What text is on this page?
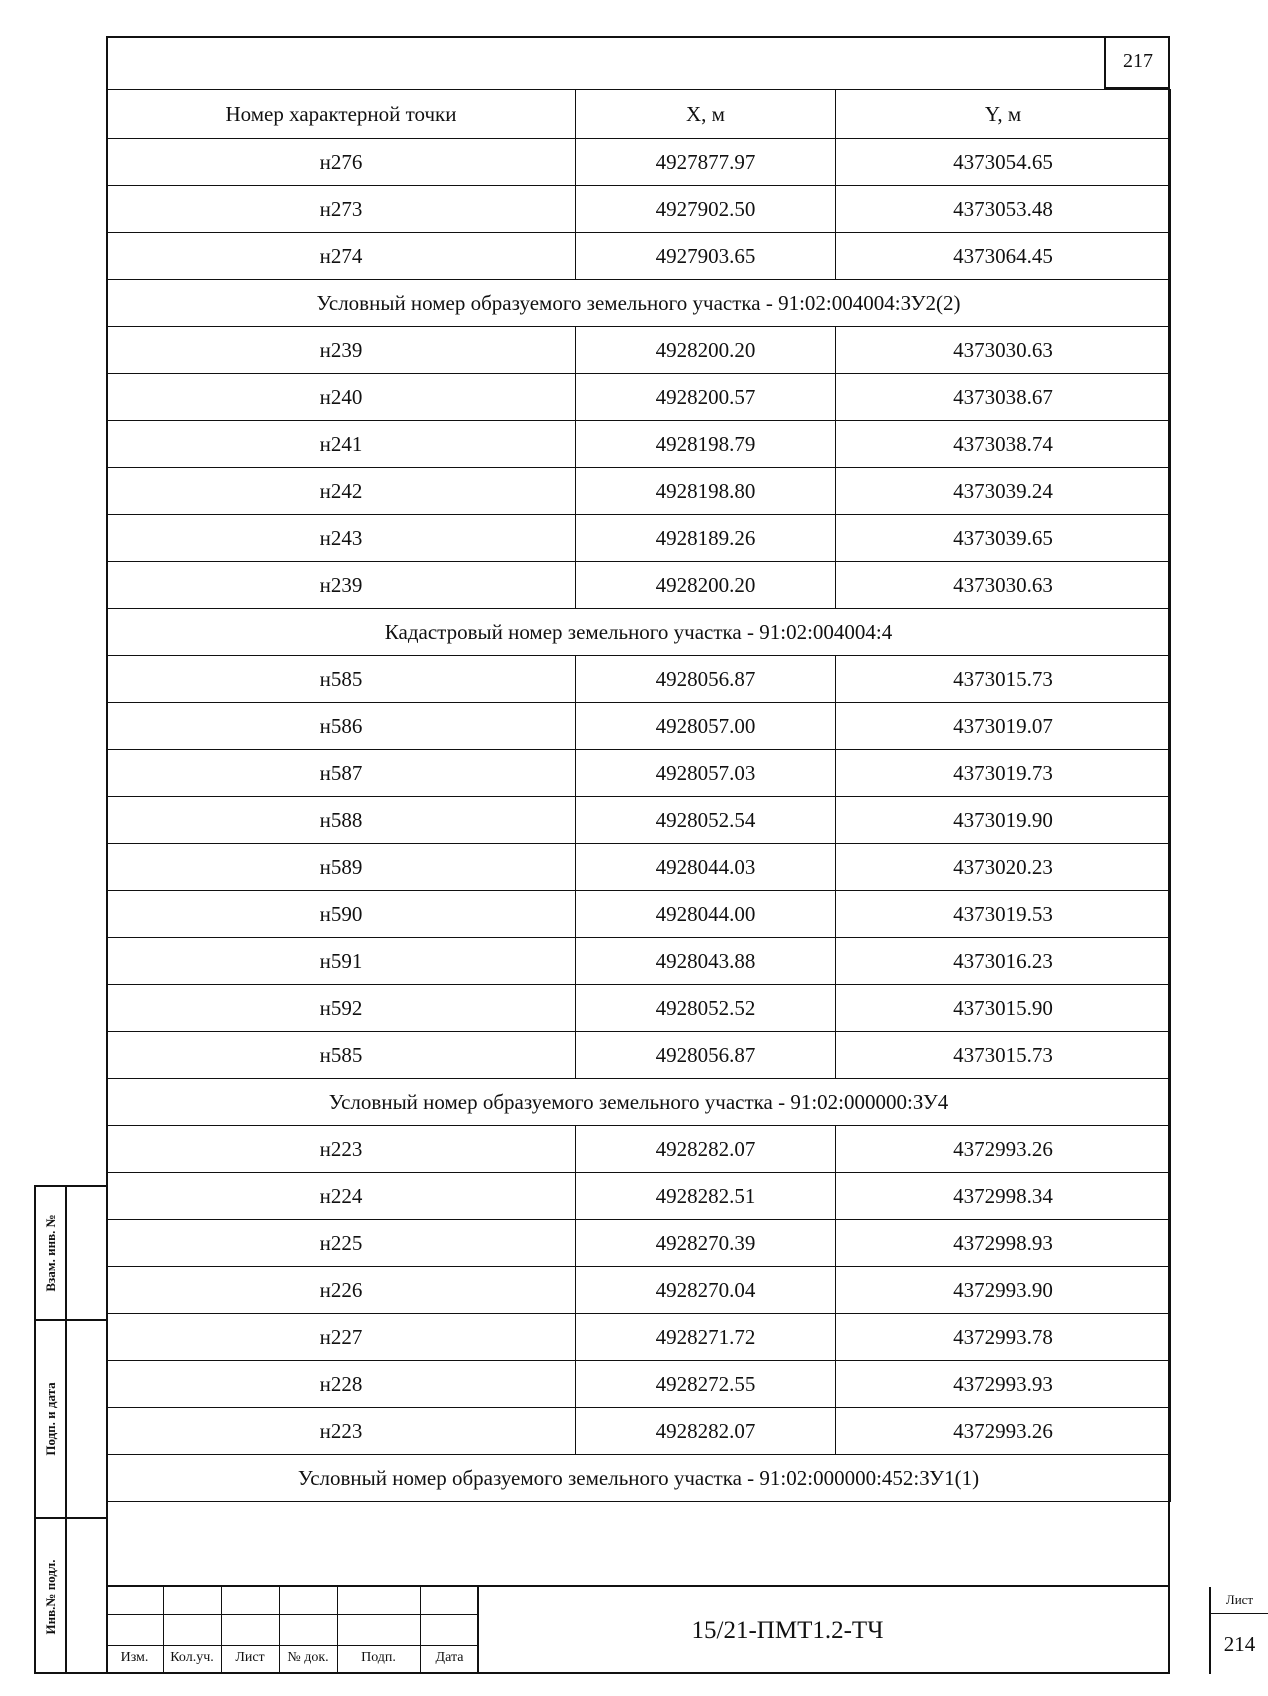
217
Номер характерной точки	X, м	Y, м
н276	4927877.97	4373054.65
н273	4927902.50	4373053.48
н274	4927903.65	4373064.45
Условный номер образуемого земельного участка - 91:02:004004:ЗУ2(2)		
н239	4928200.20	4373030.63
н240	4928200.57	4373038.67
н241	4928198.79	4373038.74
н242	4928198.80	4373039.24
н243	4928189.26	4373039.65
н239	4928200.20	4373030.63
Кадастровый номер земельного участка - 91:02:004004:4		
н585	4928056.87	4373015.73
н586	4928057.00	4373019.07
н587	4928057.03	4373019.73
н588	4928052.54	4373019.90
н589	4928044.03	4373020.23
н590	4928044.00	4373019.53
н591	4928043.88	4373016.23
н592	4928052.52	4373015.90
н585	4928056.87	4373015.73
Условный номер образуемого земельного участка - 91:02:000000:ЗУ4		
н223	4928282.07	4372993.26
н224	4928282.51	4372998.34
н225	4928270.39	4372998.93
н226	4928270.04	4372993.90
н227	4928271.72	4372993.78
н228	4928272.55	4372993.93
н223	4928282.07	4372993.26
Условный номер образуемого земельного участка - 91:02:000000:452:ЗУ1(1)		
Взам. инв. №
Подп. и дата
Инв.№ подл.
Изм.	Кол.уч.	Лист	№ док.	Подп.	Дата
15/21-ПМТ1.2-ТЧ
Лист
214
